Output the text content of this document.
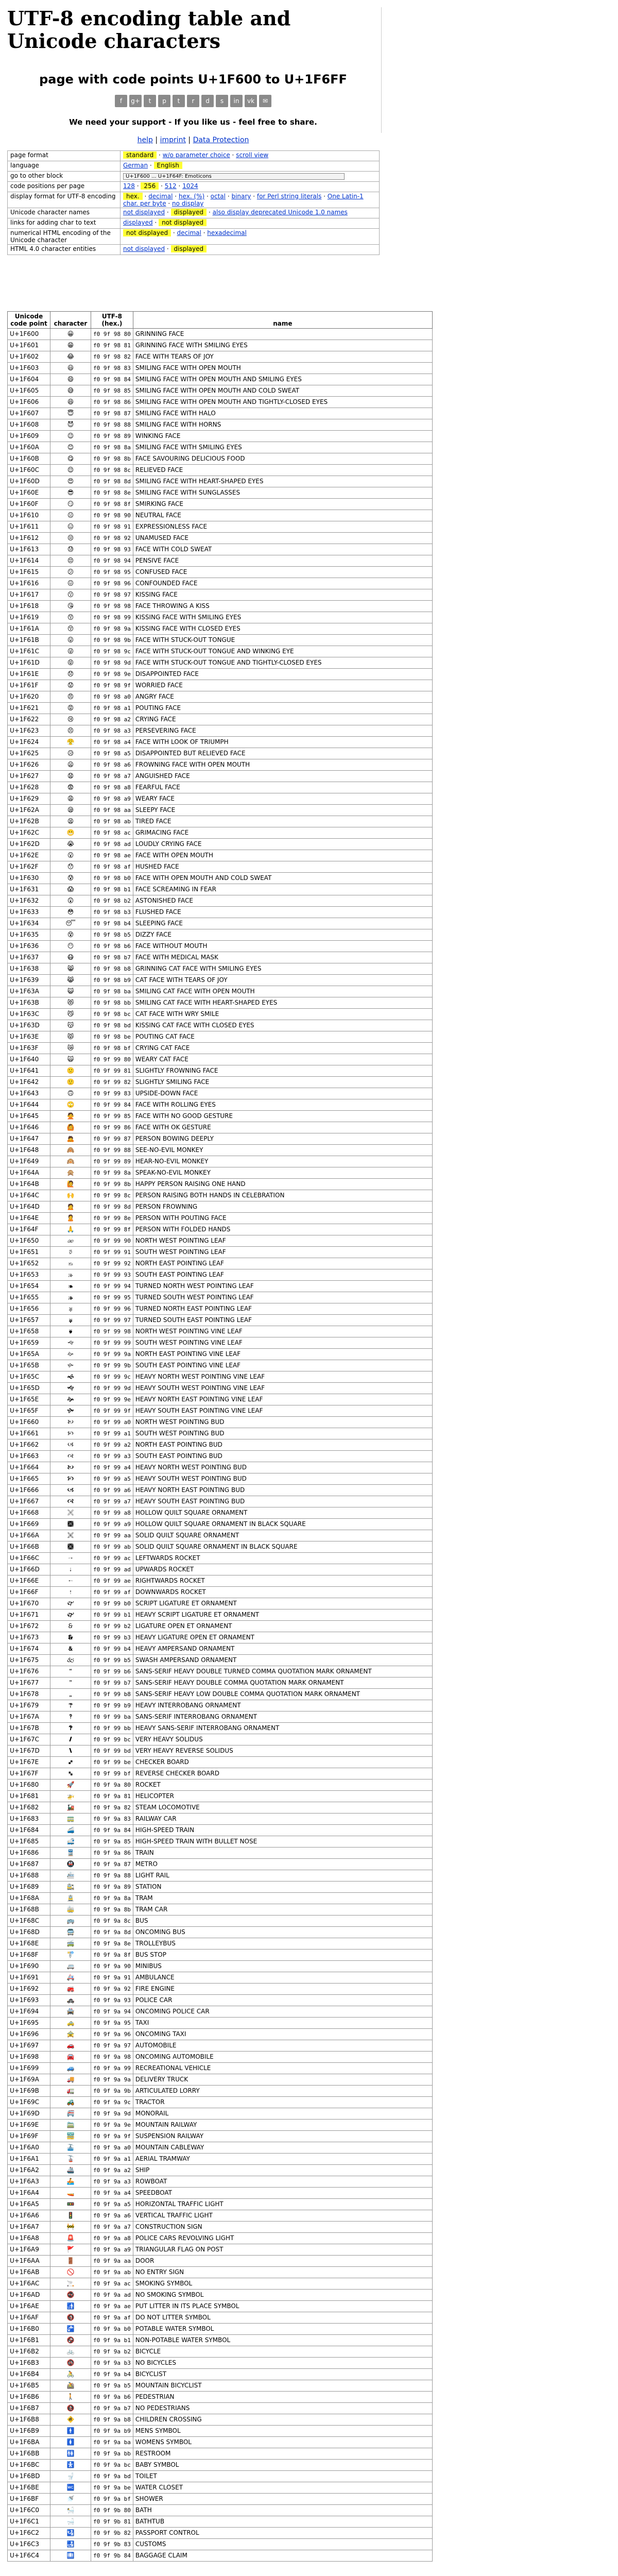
UTF-8 encoding table and Unicode characters
page with code points U+1F600 to U+1F6FF
f	g+	t	p	t	r	d	s	in	vk	✉
We need your support - If you like us - feel free to share.
help | imprint | Data Protection
page format	standard · w/o parameter choice · scroll view
language	German · English
go to other block	U+1F600 ... U+1F64F: Emoticons
code positions per page	128 · 256 · 512 · 1024
display format for UTF-8 encoding	hex. · decimal · hex. (%) · octal · binary · for Perl string literals · One Latin-1 char. per byte · no display
Unicode character names	not displayed · displayed · also display deprecated Unicode 1.0 names
links for adding char to text	displayed · not displayed
numerical HTML encoding of the Unicode character	not displayed · decimal · hexadecimal
HTML 4.0 character entities	not displayed · displayed
Unicode code point	character	UTF-8 (hex.)	name
U+1F600	😀	f0 9f 98 80	GRINNING FACE
U+1F601	😁	f0 9f 98 81	GRINNING FACE WITH SMILING EYES
U+1F602	😂	f0 9f 98 82	FACE WITH TEARS OF JOY
U+1F603	😃	f0 9f 98 83	SMILING FACE WITH OPEN MOUTH
U+1F604	😄	f0 9f 98 84	SMILING FACE WITH OPEN MOUTH AND SMILING EYES
U+1F605	😅	f0 9f 98 85	SMILING FACE WITH OPEN MOUTH AND COLD SWEAT
U+1F606	😆	f0 9f 98 86	SMILING FACE WITH OPEN MOUTH AND TIGHTLY-CLOSED EYES
U+1F607	😇	f0 9f 98 87	SMILING FACE WITH HALO
U+1F608	😈	f0 9f 98 88	SMILING FACE WITH HORNS
U+1F609	😉	f0 9f 98 89	WINKING FACE
U+1F60A	😊	f0 9f 98 8a	SMILING FACE WITH SMILING EYES
U+1F60B	😋	f0 9f 98 8b	FACE SAVOURING DELICIOUS FOOD
U+1F60C	😌	f0 9f 98 8c	RELIEVED FACE
U+1F60D	😍	f0 9f 98 8d	SMILING FACE WITH HEART-SHAPED EYES
U+1F60E	😎	f0 9f 98 8e	SMILING FACE WITH SUNGLASSES
U+1F60F	😏	f0 9f 98 8f	SMIRKING FACE
U+1F610	😐	f0 9f 98 90	NEUTRAL FACE
U+1F611	😑	f0 9f 98 91	EXPRESSIONLESS FACE
U+1F612	😒	f0 9f 98 92	UNAMUSED FACE
U+1F613	😓	f0 9f 98 93	FACE WITH COLD SWEAT
U+1F614	😔	f0 9f 98 94	PENSIVE FACE
U+1F615	😕	f0 9f 98 95	CONFUSED FACE
U+1F616	😖	f0 9f 98 96	CONFOUNDED FACE
U+1F617	😗	f0 9f 98 97	KISSING FACE
U+1F618	😘	f0 9f 98 98	FACE THROWING A KISS
U+1F619	😙	f0 9f 98 99	KISSING FACE WITH SMILING EYES
U+1F61A	😚	f0 9f 98 9a	KISSING FACE WITH CLOSED EYES
U+1F61B	😛	f0 9f 98 9b	FACE WITH STUCK-OUT TONGUE
U+1F61C	😜	f0 9f 98 9c	FACE WITH STUCK-OUT TONGUE AND WINKING EYE
U+1F61D	😝	f0 9f 98 9d	FACE WITH STUCK-OUT TONGUE AND TIGHTLY-CLOSED EYES
U+1F61E	😞	f0 9f 98 9e	DISAPPOINTED FACE
U+1F61F	😟	f0 9f 98 9f	WORRIED FACE
U+1F620	😠	f0 9f 98 a0	ANGRY FACE
U+1F621	😡	f0 9f 98 a1	POUTING FACE
U+1F622	😢	f0 9f 98 a2	CRYING FACE
U+1F623	😣	f0 9f 98 a3	PERSEVERING FACE
U+1F624	😤	f0 9f 98 a4	FACE WITH LOOK OF TRIUMPH
U+1F625	😥	f0 9f 98 a5	DISAPPOINTED BUT RELIEVED FACE
U+1F626	😦	f0 9f 98 a6	FROWNING FACE WITH OPEN MOUTH
U+1F627	😧	f0 9f 98 a7	ANGUISHED FACE
U+1F628	😨	f0 9f 98 a8	FEARFUL FACE
U+1F629	😩	f0 9f 98 a9	WEARY FACE
U+1F62A	😪	f0 9f 98 aa	SLEEPY FACE
U+1F62B	😫	f0 9f 98 ab	TIRED FACE
U+1F62C	😬	f0 9f 98 ac	GRIMACING FACE
U+1F62D	😭	f0 9f 98 ad	LOUDLY CRYING FACE
U+1F62E	😮	f0 9f 98 ae	FACE WITH OPEN MOUTH
U+1F62F	😯	f0 9f 98 af	HUSHED FACE
U+1F630	😰	f0 9f 98 b0	FACE WITH OPEN MOUTH AND COLD SWEAT
U+1F631	😱	f0 9f 98 b1	FACE SCREAMING IN FEAR
U+1F632	😲	f0 9f 98 b2	ASTONISHED FACE
U+1F633	😳	f0 9f 98 b3	FLUSHED FACE
U+1F634	😴	f0 9f 98 b4	SLEEPING FACE
U+1F635	😵	f0 9f 98 b5	DIZZY FACE
U+1F636	😶	f0 9f 98 b6	FACE WITHOUT MOUTH
U+1F637	😷	f0 9f 98 b7	FACE WITH MEDICAL MASK
U+1F638	😸	f0 9f 98 b8	GRINNING CAT FACE WITH SMILING EYES
U+1F639	😹	f0 9f 98 b9	CAT FACE WITH TEARS OF JOY
U+1F63A	😺	f0 9f 98 ba	SMILING CAT FACE WITH OPEN MOUTH
U+1F63B	😻	f0 9f 98 bb	SMILING CAT FACE WITH HEART-SHAPED EYES
U+1F63C	😼	f0 9f 98 bc	CAT FACE WITH WRY SMILE
U+1F63D	😽	f0 9f 98 bd	KISSING CAT FACE WITH CLOSED EYES
U+1F63E	😾	f0 9f 98 be	POUTING CAT FACE
U+1F63F	😿	f0 9f 98 bf	CRYING CAT FACE
U+1F640	🙀	f0 9f 99 80	WEARY CAT FACE
U+1F641	🙁	f0 9f 99 81	SLIGHTLY FROWNING FACE
U+1F642	🙂	f0 9f 99 82	SLIGHTLY SMILING FACE
U+1F643	🙃	f0 9f 99 83	UPSIDE-DOWN FACE
U+1F644	🙄	f0 9f 99 84	FACE WITH ROLLING EYES
U+1F645	🙅	f0 9f 99 85	FACE WITH NO GOOD GESTURE
U+1F646	🙆	f0 9f 99 86	FACE WITH OK GESTURE
U+1F647	🙇	f0 9f 99 87	PERSON BOWING DEEPLY
U+1F648	🙈	f0 9f 99 88	SEE-NO-EVIL MONKEY
U+1F649	🙉	f0 9f 99 89	HEAR-NO-EVIL MONKEY
U+1F64A	🙊	f0 9f 99 8a	SPEAK-NO-EVIL MONKEY
U+1F64B	🙋	f0 9f 99 8b	HAPPY PERSON RAISING ONE HAND
U+1F64C	🙌	f0 9f 99 8c	PERSON RAISING BOTH HANDS IN CELEBRATION
U+1F64D	🙍	f0 9f 99 8d	PERSON FROWNING
U+1F64E	🙎	f0 9f 99 8e	PERSON WITH POUTING FACE
U+1F64F	🙏	f0 9f 99 8f	PERSON WITH FOLDED HANDS
U+1F650	🙐	f0 9f 99 90	NORTH WEST POINTING LEAF
U+1F651	🙑	f0 9f 99 91	SOUTH WEST POINTING LEAF
U+1F652	🙒	f0 9f 99 92	NORTH EAST POINTING LEAF
U+1F653	🙓	f0 9f 99 93	SOUTH EAST POINTING LEAF
U+1F654	🙔	f0 9f 99 94	TURNED NORTH WEST POINTING LEAF
U+1F655	🙕	f0 9f 99 95	TURNED SOUTH WEST POINTING LEAF
U+1F656	🙖	f0 9f 99 96	TURNED NORTH EAST POINTING LEAF
U+1F657	🙗	f0 9f 99 97	TURNED SOUTH EAST POINTING LEAF
U+1F658	🙘	f0 9f 99 98	NORTH WEST POINTING VINE LEAF
U+1F659	🙙	f0 9f 99 99	SOUTH WEST POINTING VINE LEAF
U+1F65A	🙚	f0 9f 99 9a	NORTH EAST POINTING VINE LEAF
U+1F65B	🙛	f0 9f 99 9b	SOUTH EAST POINTING VINE LEAF
U+1F65C	🙜	f0 9f 99 9c	HEAVY NORTH WEST POINTING VINE LEAF
U+1F65D	🙝	f0 9f 99 9d	HEAVY SOUTH WEST POINTING VINE LEAF
U+1F65E	🙞	f0 9f 99 9e	HEAVY NORTH EAST POINTING VINE LEAF
U+1F65F	🙟	f0 9f 99 9f	HEAVY SOUTH EAST POINTING VINE LEAF
U+1F660	🙠	f0 9f 99 a0	NORTH WEST POINTING BUD
U+1F661	🙡	f0 9f 99 a1	SOUTH WEST POINTING BUD
U+1F662	🙢	f0 9f 99 a2	NORTH EAST POINTING BUD
U+1F663	🙣	f0 9f 99 a3	SOUTH EAST POINTING BUD
U+1F664	🙤	f0 9f 99 a4	HEAVY NORTH WEST POINTING BUD
U+1F665	🙥	f0 9f 99 a5	HEAVY SOUTH WEST POINTING BUD
U+1F666	🙦	f0 9f 99 a6	HEAVY NORTH EAST POINTING BUD
U+1F667	🙧	f0 9f 99 a7	HEAVY SOUTH EAST POINTING BUD
U+1F668	🙨	f0 9f 99 a8	HOLLOW QUILT SQUARE ORNAMENT
U+1F669	🙩	f0 9f 99 a9	HOLLOW QUILT SQUARE ORNAMENT IN BLACK SQUARE
U+1F66A	🙪	f0 9f 99 aa	SOLID QUILT SQUARE ORNAMENT
U+1F66B	🙫	f0 9f 99 ab	SOLID QUILT SQUARE ORNAMENT IN BLACK SQUARE
U+1F66C	🙬	f0 9f 99 ac	LEFTWARDS ROCKET
U+1F66D	🙭	f0 9f 99 ad	UPWARDS ROCKET
U+1F66E	🙮	f0 9f 99 ae	RIGHTWARDS ROCKET
U+1F66F	🙯	f0 9f 99 af	DOWNWARDS ROCKET
U+1F670	🙰	f0 9f 99 b0	SCRIPT LIGATURE ET ORNAMENT
U+1F671	🙱	f0 9f 99 b1	HEAVY SCRIPT LIGATURE ET ORNAMENT
U+1F672	🙲	f0 9f 99 b2	LIGATURE OPEN ET ORNAMENT
U+1F673	🙳	f0 9f 99 b3	HEAVY LIGATURE OPEN ET ORNAMENT
U+1F674	🙴	f0 9f 99 b4	HEAVY AMPERSAND ORNAMENT
U+1F675	🙵	f0 9f 99 b5	SWASH AMPERSAND ORNAMENT
U+1F676	🙶	f0 9f 99 b6	SANS-SERIF HEAVY DOUBLE TURNED COMMA QUOTATION MARK ORNAMENT
U+1F677	🙷	f0 9f 99 b7	SANS-SERIF HEAVY DOUBLE COMMA QUOTATION MARK ORNAMENT
U+1F678	🙸	f0 9f 99 b8	SANS-SERIF HEAVY LOW DOUBLE COMMA QUOTATION MARK ORNAMENT
U+1F679	🙹	f0 9f 99 b9	HEAVY INTERROBANG ORNAMENT
U+1F67A	🙺	f0 9f 99 ba	SANS-SERIF INTERROBANG ORNAMENT
U+1F67B	🙻	f0 9f 99 bb	HEAVY SANS-SERIF INTERROBANG ORNAMENT
U+1F67C	🙼	f0 9f 99 bc	VERY HEAVY SOLIDUS
U+1F67D	🙽	f0 9f 99 bd	VERY HEAVY REVERSE SOLIDUS
U+1F67E	🙾	f0 9f 99 be	CHECKER BOARD
U+1F67F	🙿	f0 9f 99 bf	REVERSE CHECKER BOARD
U+1F680	🚀	f0 9f 9a 80	ROCKET
U+1F681	🚁	f0 9f 9a 81	HELICOPTER
U+1F682	🚂	f0 9f 9a 82	STEAM LOCOMOTIVE
U+1F683	🚃	f0 9f 9a 83	RAILWAY CAR
U+1F684	🚄	f0 9f 9a 84	HIGH-SPEED TRAIN
U+1F685	🚅	f0 9f 9a 85	HIGH-SPEED TRAIN WITH BULLET NOSE
U+1F686	🚆	f0 9f 9a 86	TRAIN
U+1F687	🚇	f0 9f 9a 87	METRO
U+1F688	🚈	f0 9f 9a 88	LIGHT RAIL
U+1F689	🚉	f0 9f 9a 89	STATION
U+1F68A	🚊	f0 9f 9a 8a	TRAM
U+1F68B	🚋	f0 9f 9a 8b	TRAM CAR
U+1F68C	🚌	f0 9f 9a 8c	BUS
U+1F68D	🚍	f0 9f 9a 8d	ONCOMING BUS
U+1F68E	🚎	f0 9f 9a 8e	TROLLEYBUS
U+1F68F	🚏	f0 9f 9a 8f	BUS STOP
U+1F690	🚐	f0 9f 9a 90	MINIBUS
U+1F691	🚑	f0 9f 9a 91	AMBULANCE
U+1F692	🚒	f0 9f 9a 92	FIRE ENGINE
U+1F693	🚓	f0 9f 9a 93	POLICE CAR
U+1F694	🚔	f0 9f 9a 94	ONCOMING POLICE CAR
U+1F695	🚕	f0 9f 9a 95	TAXI
U+1F696	🚖	f0 9f 9a 96	ONCOMING TAXI
U+1F697	🚗	f0 9f 9a 97	AUTOMOBILE
U+1F698	🚘	f0 9f 9a 98	ONCOMING AUTOMOBILE
U+1F699	🚙	f0 9f 9a 99	RECREATIONAL VEHICLE
U+1F69A	🚚	f0 9f 9a 9a	DELIVERY TRUCK
U+1F69B	🚛	f0 9f 9a 9b	ARTICULATED LORRY
U+1F69C	🚜	f0 9f 9a 9c	TRACTOR
U+1F69D	🚝	f0 9f 9a 9d	MONORAIL
U+1F69E	🚞	f0 9f 9a 9e	MOUNTAIN RAILWAY
U+1F69F	🚟	f0 9f 9a 9f	SUSPENSION RAILWAY
U+1F6A0	🚠	f0 9f 9a a0	MOUNTAIN CABLEWAY
U+1F6A1	🚡	f0 9f 9a a1	AERIAL TRAMWAY
U+1F6A2	🚢	f0 9f 9a a2	SHIP
U+1F6A3	🚣	f0 9f 9a a3	ROWBOAT
U+1F6A4	🚤	f0 9f 9a a4	SPEEDBOAT
U+1F6A5	🚥	f0 9f 9a a5	HORIZONTAL TRAFFIC LIGHT
U+1F6A6	🚦	f0 9f 9a a6	VERTICAL TRAFFIC LIGHT
U+1F6A7	🚧	f0 9f 9a a7	CONSTRUCTION SIGN
U+1F6A8	🚨	f0 9f 9a a8	POLICE CARS REVOLVING LIGHT
U+1F6A9	🚩	f0 9f 9a a9	TRIANGULAR FLAG ON POST
U+1F6AA	🚪	f0 9f 9a aa	DOOR
U+1F6AB	🚫	f0 9f 9a ab	NO ENTRY SIGN
U+1F6AC	🚬	f0 9f 9a ac	SMOKING SYMBOL
U+1F6AD	🚭	f0 9f 9a ad	NO SMOKING SYMBOL
U+1F6AE	🚮	f0 9f 9a ae	PUT LITTER IN ITS PLACE SYMBOL
U+1F6AF	🚯	f0 9f 9a af	DO NOT LITTER SYMBOL
U+1F6B0	🚰	f0 9f 9a b0	POTABLE WATER SYMBOL
U+1F6B1	🚱	f0 9f 9a b1	NON-POTABLE WATER SYMBOL
U+1F6B2	🚲	f0 9f 9a b2	BICYCLE
U+1F6B3	🚳	f0 9f 9a b3	NO BICYCLES
U+1F6B4	🚴	f0 9f 9a b4	BICYCLIST
U+1F6B5	🚵	f0 9f 9a b5	MOUNTAIN BICYCLIST
U+1F6B6	🚶	f0 9f 9a b6	PEDESTRIAN
U+1F6B7	🚷	f0 9f 9a b7	NO PEDESTRIANS
U+1F6B8	🚸	f0 9f 9a b8	CHILDREN CROSSING
U+1F6B9	🚹	f0 9f 9a b9	MENS SYMBOL
U+1F6BA	🚺	f0 9f 9a ba	WOMENS SYMBOL
U+1F6BB	🚻	f0 9f 9a bb	RESTROOM
U+1F6BC	🚼	f0 9f 9a bc	BABY SYMBOL
U+1F6BD	🚽	f0 9f 9a bd	TOILET
U+1F6BE	🚾	f0 9f 9a be	WATER CLOSET
U+1F6BF	🚿	f0 9f 9a bf	SHOWER
U+1F6C0	🛀	f0 9f 9b 80	BATH
U+1F6C1	🛁	f0 9f 9b 81	BATHTUB
U+1F6C2	🛂	f0 9f 9b 82	PASSPORT CONTROL
U+1F6C3	🛃	f0 9f 9b 83	CUSTOMS
U+1F6C4	🛄	f0 9f 9b 84	BAGGAGE CLAIM
